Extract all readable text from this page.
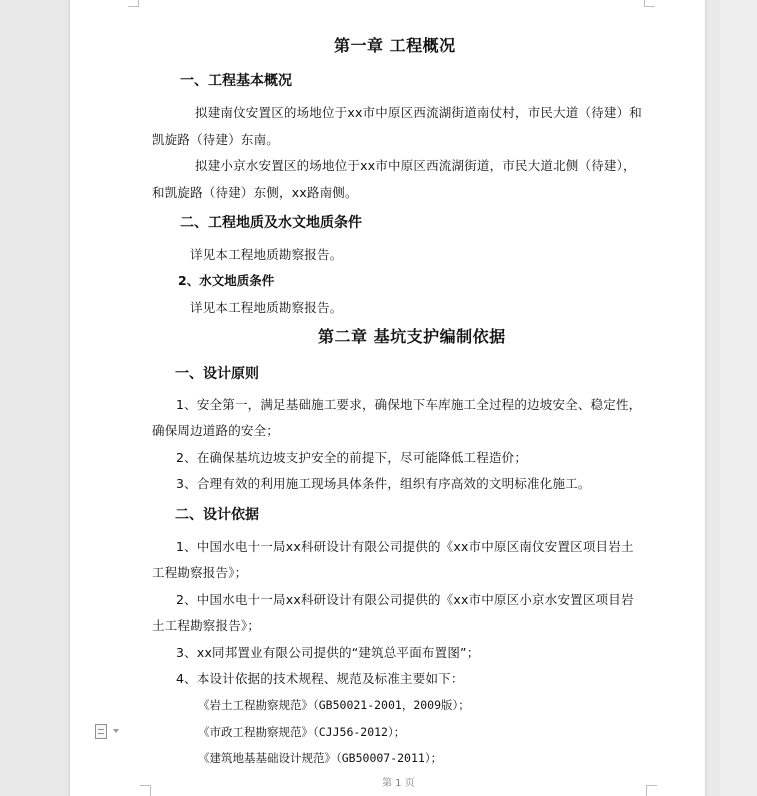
第一章 工程概况
一、工程基本概况
拟建南伩安置区的场地位于xx市中原区西流湖街道南仗村，市民大道（待建）和
凯旋路（待建）东南。
拟建小京水安置区的场地位于xx市中原区西流湖街道，市民大道北侧（待建），
和凯旋路（待建）东侧，xx路南侧。
二、工程地质及水文地质条件
详见本工程地质勘察报告。
2、水文地质条件
详见本工程地质勘察报告。
第二章 基坑支护编制依据
一、设计原则
1、安全第一，满足基础施工要求，确保地下车库施工全过程的边坡安全、稳定性，
确保周边道路的安全；
2、在确保基坑边坡支护安全的前提下，尽可能降低工程造价；
3、合理有效的利用施工现场具体条件，组织有序高效的文明标准化施工。
二、设计依据
1、中国水电十一局xx科研设计有限公司提供的《xx市中原区南伩安置区项目岩土
工程勘察报告》；
2、中国水电十一局xx科研设计有限公司提供的《xx市中原区小京水安置区项目岩
土工程勘察报告》；
3、xx同邦置业有限公司提供的“建筑总平面布置图”；
4、本设计依据的技术规程、规范及标准主要如下：
《岩土工程勘察规范》（GB50021-2001，2009版）；
《市政工程勘察规范》（CJJ56-2012）；
《建筑地基基础设计规范》（GB50007-2011）；
第 1 页
